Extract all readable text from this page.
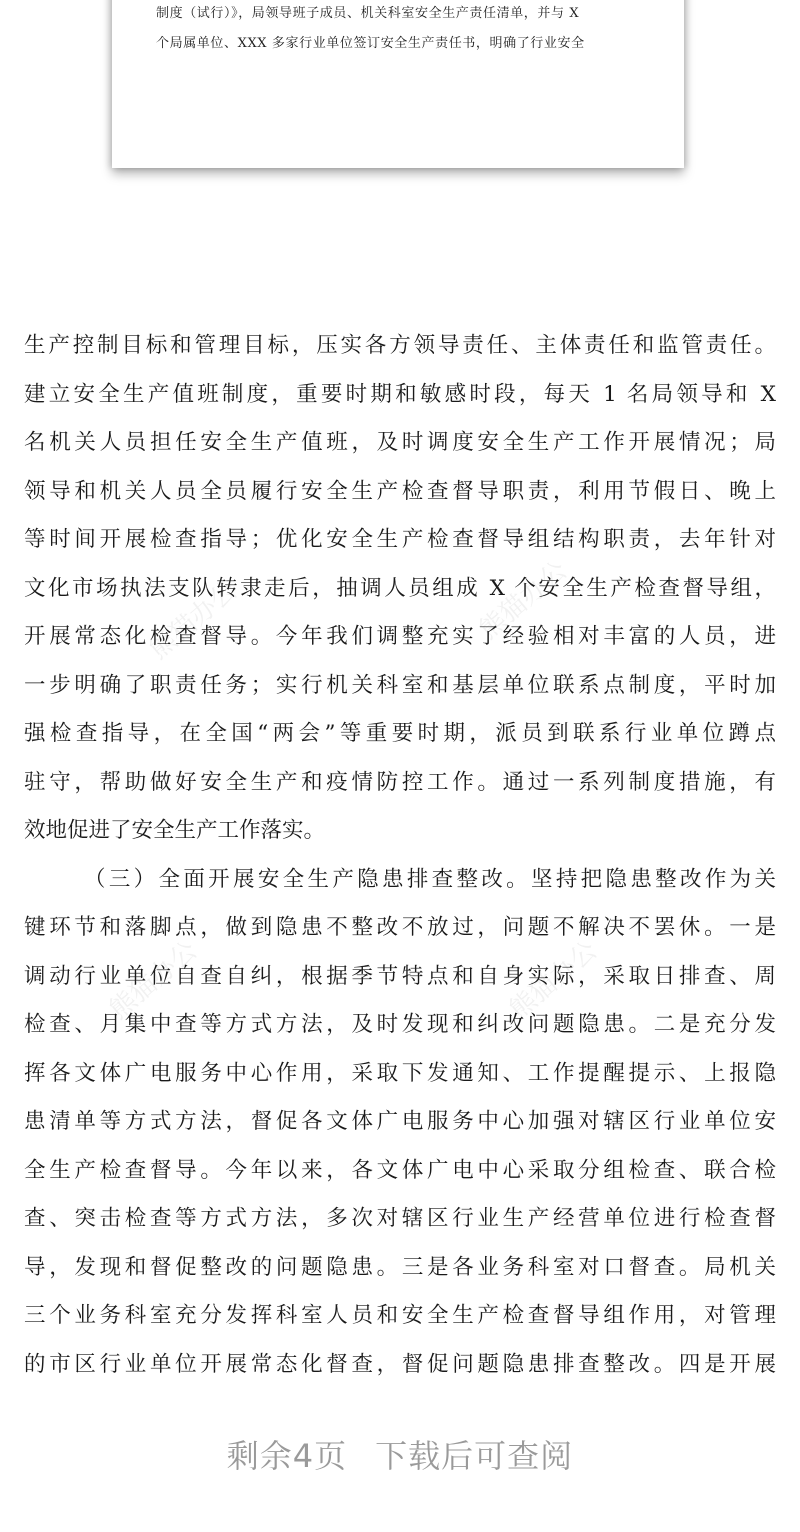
制度（试行）》，局领导班子成员、机关科室安全生产责任清单，并与 X
个局属单位、XXX 多家行业单位签订安全生产责任书，明确了行业安全
熊猫办公	熊猫办公
熊猫办公	熊猫办公
生产控制目标和管理目标，压实各方领导责任、主体责任和监管责任。
建立安全生产值班制度，重要时期和敏感时段，每天 1 名局领导和 X
名机关人员担任安全生产值班，及时调度安全生产工作开展情况；局
领导和机关人员全员履行安全生产检查督导职责，利用节假日、晚上
等时间开展检查指导；优化安全生产检查督导组结构职责，去年针对
文化市场执法支队转隶走后，抽调人员组成 X 个安全生产检查督导组，
开展常态化检查督导。今年我们调整充实了经验相对丰富的人员，进
一步明确了职责任务；实行机关科室和基层单位联系点制度，平时加
强检查指导，在全国“两会”等重要时期，派员到联系行业单位蹲点
驻守，帮助做好安全生产和疫情防控工作。通过一系列制度措施，有
效地促进了安全生产工作落实。
（三）全面开展安全生产隐患排查整改。坚持把隐患整改作为关
键环节和落脚点，做到隐患不整改不放过，问题不解决不罢休。一是
调动行业单位自查自纠，根据季节特点和自身实际，采取日排查、周
检查、月集中查等方式方法，及时发现和纠改问题隐患。二是充分发
挥各文体广电服务中心作用，采取下发通知、工作提醒提示、上报隐
患清单等方式方法，督促各文体广电服务中心加强对辖区行业单位安
全生产检查督导。今年以来，各文体广电中心采取分组检查、联合检
查、突击检查等方式方法，多次对辖区行业生产经营单位进行检查督
导，发现和督促整改的问题隐患。三是各业务科室对口督查。局机关
三个业务科室充分发挥科室人员和安全生产检查督导组作用，对管理
的市区行业单位开展常态化督查，督促问题隐患排查整改。四是开展
剩余4页 下载后可查阅
